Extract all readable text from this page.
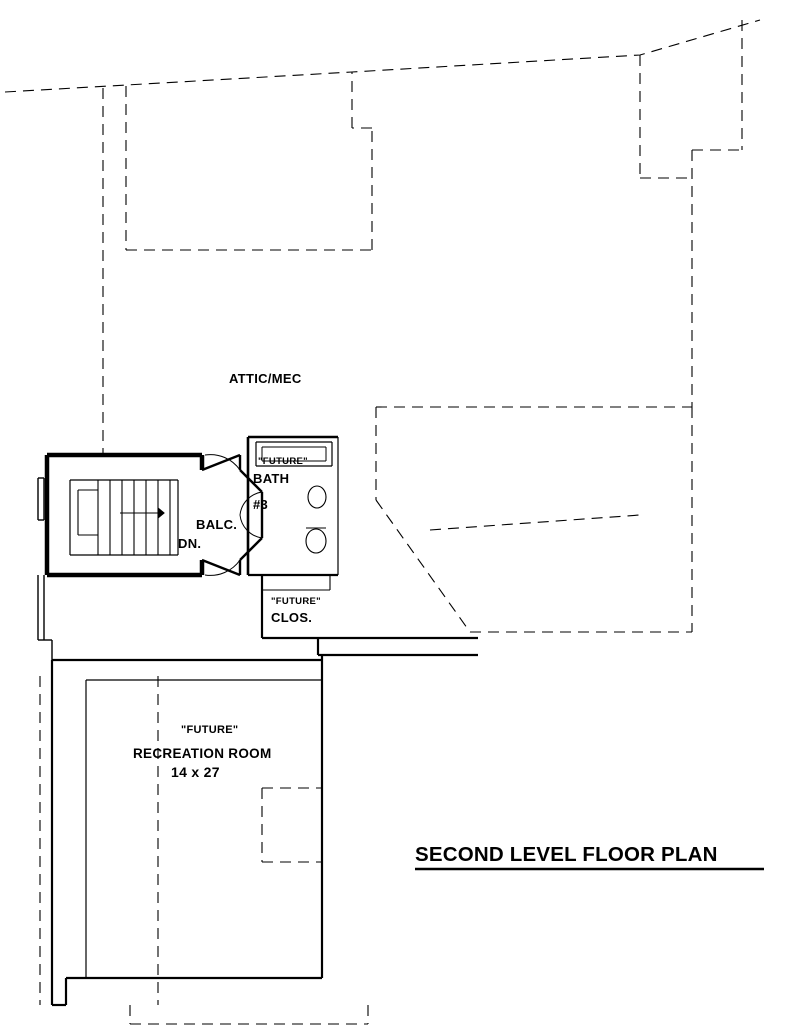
ATTIC/MEC
BALC.
DN.
"FUTURE"
BATH
#3
"FUTURE"
CLOS.
"FUTURE"
RECREATION ROOM
14 x 27
SECOND LEVEL FLOOR PLAN
